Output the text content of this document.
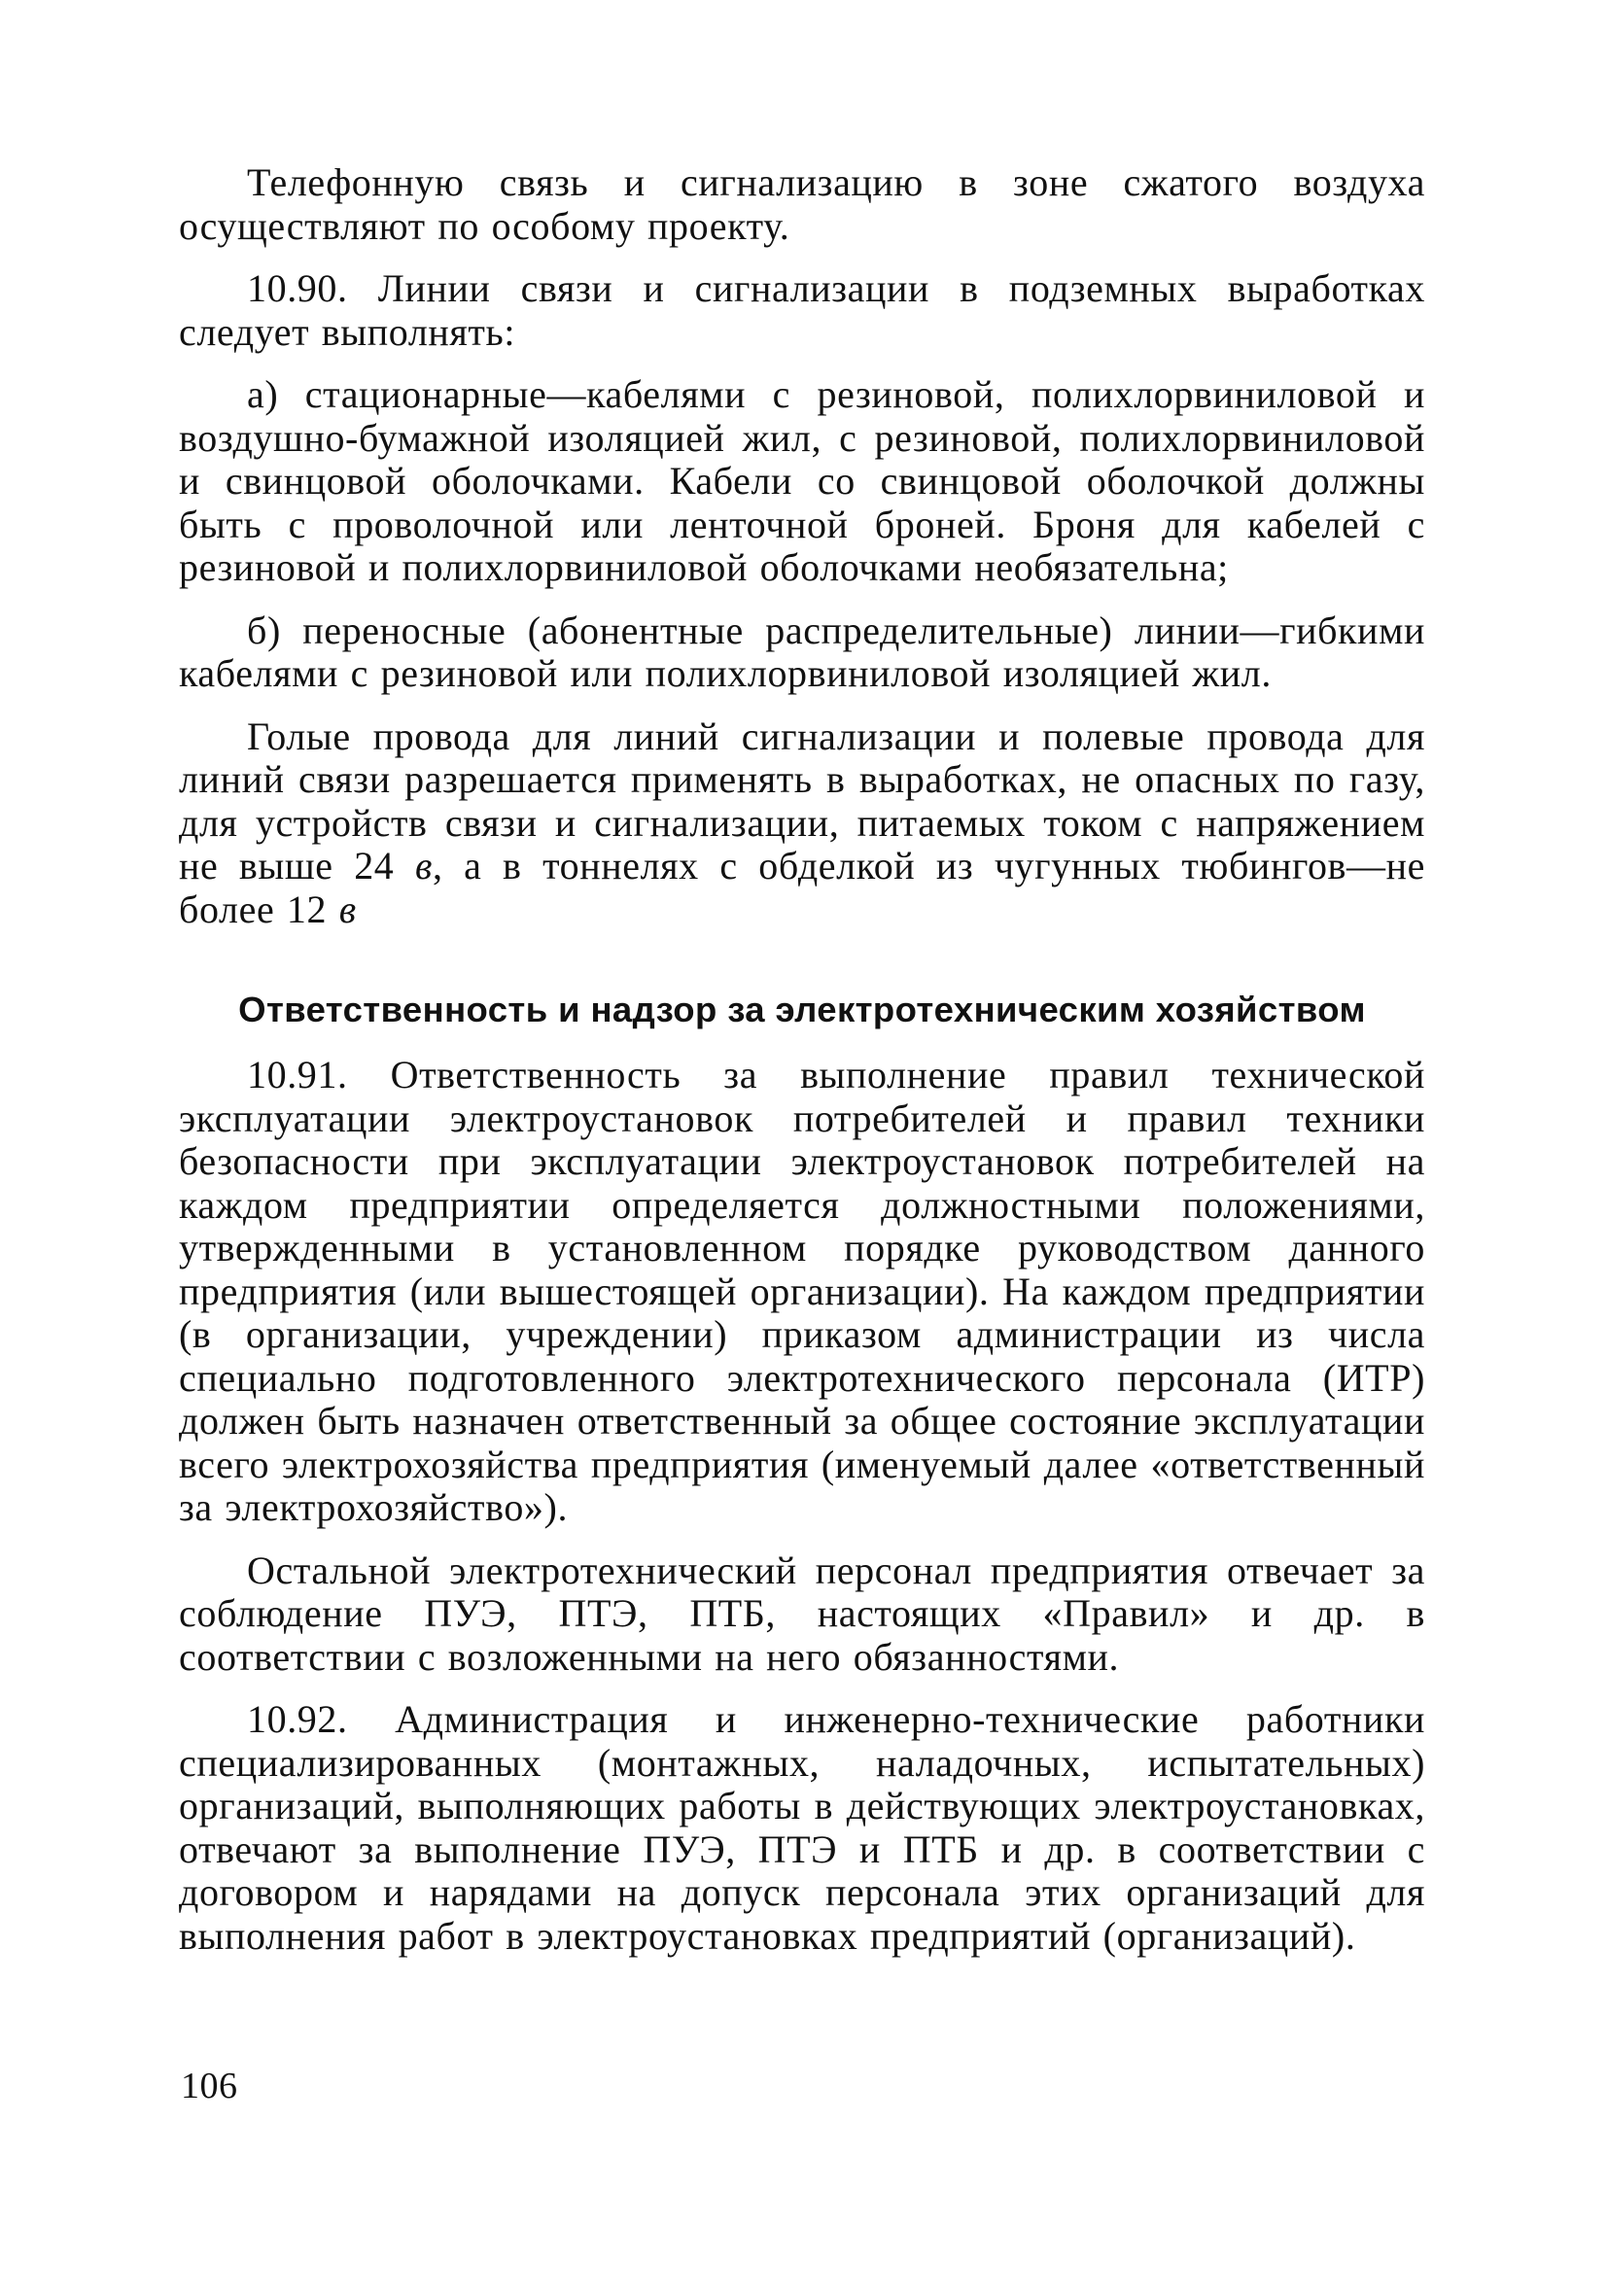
Телефонную связь и сигнализацию в зоне сжатого воздуха осуществляют по особому проекту.

10.90. Линии связи и сигнализации в подземных выработках следует выполнять:

а) стационарные—кабелями с резиновой, полихлорвиниловой и воздушно-бумажной изоляцией жил, с резиновой, полихлорвиниловой и свинцовой оболочками. Кабели со свинцовой оболочкой должны быть с проволочной или ленточной броней. Броня для кабелей с резиновой и полихлорвиниловой оболочками необязательна;

б) переносные (абонентные распределительные) линии—гибкими кабелями с резиновой или полихлорвиниловой изоляцией жил.

Голые провода для линий сигнализации и полевые провода для линий связи разрешается применять в выработках, не опасных по газу, для устройств связи и сигнализации, питаемых током с напряжением не выше 24 в, а в тоннелях с обделкой из чугунных тюбингов—не более 12 в

Ответственность и надзор за электротехническим хозяйством

10.91. Ответственность за выполнение правил технической эксплуатации электроустановок потребителей и правил техники безопасности при эксплуатации электроустановок потребителей на каждом предприятии определяется должностными положениями, утвержденными в установленном порядке руководством данного предприятия (или вышестоящей организации). На каждом предприятии (в организации, учреждении) приказом администрации из числа специально подготовленного электротехнического персонала (ИТР) должен быть назначен ответственный за общее состояние эксплуатации всего электрохозяйства предприятия (именуемый далее «ответственный за электрохозяйство»).

Остальной электротехнический персонал предприятия отвечает за соблюдение ПУЭ, ПТЭ, ПТБ, настоящих «Правил» и др. в соответствии с возложенными на него обязанностями.

10.92. Администрация и инженерно-технические работники специализированных (монтажных, наладочных, испытательных) организаций, выполняющих работы в действующих электроустановках, отвечают за выполнение ПУЭ, ПТЭ и ПТБ и др. в соответствии с договором и нарядами на допуск персонала этих организаций для выполнения работ в электроустановках предприятий (организаций).

106
